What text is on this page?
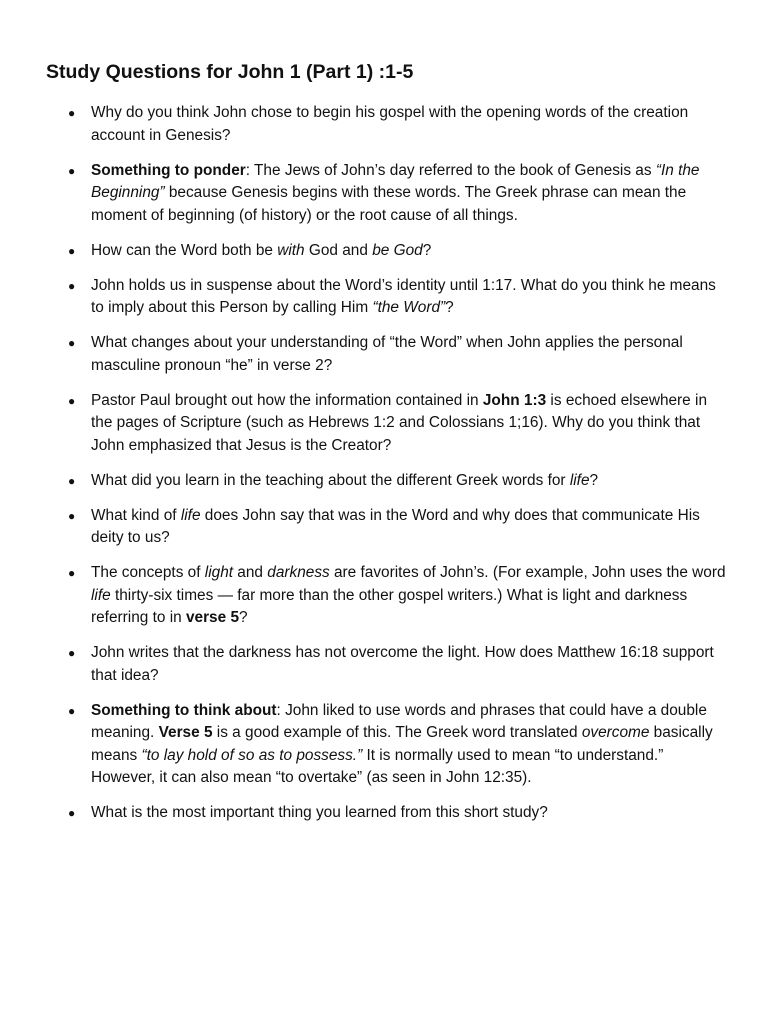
Study Questions for John 1 (Part 1) :1-5
● Why do you think John chose to begin his gospel with the opening words of the creation account in Genesis?
● Something to ponder: The Jews of John’s day referred to the book of Genesis as “In the Beginning” because Genesis begins with these words. The Greek phrase can mean the moment of beginning (of history) or the root cause of all things.
● How can the Word both be with God and be God?
● John holds us in suspense about the Word’s identity until 1:17. What do you think he means to imply about this Person by calling Him “the Word”?
● What changes about your understanding of “the Word” when John applies the personal masculine pronoun “he” in verse 2?
● Pastor Paul brought out how the information contained in John 1:3 is echoed elsewhere in the pages of Scripture (such as Hebrews 1:2 and Colossians 1;16). Why do you think that John emphasized that Jesus is the Creator?
● What did you learn in the teaching about the different Greek words for life?
● What kind of life does John say that was in the Word and why does that communicate His deity to us?
● The concepts of light and darkness are favorites of John’s. (For example, John uses the word life thirty-six times — far more than the other gospel writers.) What is light and darkness referring to in verse 5?
● John writes that the darkness has not overcome the light. How does Matthew 16:18 support that idea?
● Something to think about: John liked to use words and phrases that could have a double meaning. Verse 5 is a good example of this. The Greek word translated overcome basically means “to lay hold of so as to possess.” It is normally used to mean “to understand.” However, it can also mean “to overtake” (as seen in John 12:35).
● What is the most important thing you learned from this short study?
